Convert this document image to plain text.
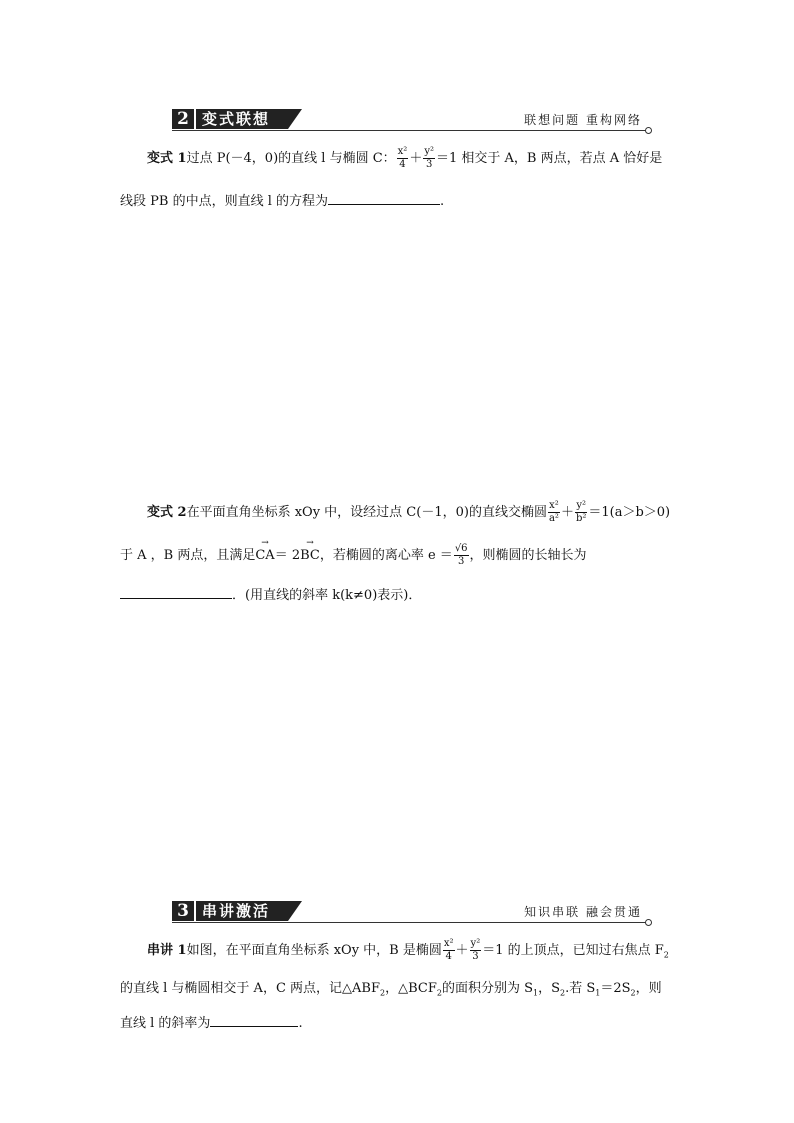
2 变式联想	联想问题 重构网络
变式 1过点 P(－4，0)的直线 l 与椭圆 C： $\frac{\text{x²}}{4} + \frac{\text{y²}}{3} =1$ 相交于 A，B 两点，若点 A 恰好是
线段 PB 的中点，则直线 l 的方程为	.
变式 2在平面直角坐标系 xOy 中，设经过点 C(－1，0)的直线交椭圆 $\frac{\text{x²}}{\text{a²}} + \frac{\text{y²}}{\text{b²}} =1(a>b>0)$
于 A ，B 两点，且满足→ CA＝ 2→ BC，若椭圆的离心率 $e = \frac{√6}{3}$ ，则椭圆的长轴长为
．(用直线的斜率 k(k≠0)表示)．
3 串讲激活	知识串联 融会贯通
串讲 1如图，在平面直角坐标系 xOy 中，B 是椭圆 $\frac{\text{x²}}{4} + \frac{\text{y²}}{3} =1$ 的上顶点，已知过右焦点 $F_2$
的直线 l 与椭圆相交于 A，C 两点，记$\triangle ABF_2$，$\triangle BCF_2$的面积分别为 $S_1$，$S_2$.若 $S_1=2S_2$，则
直线 l 的斜率为	.
